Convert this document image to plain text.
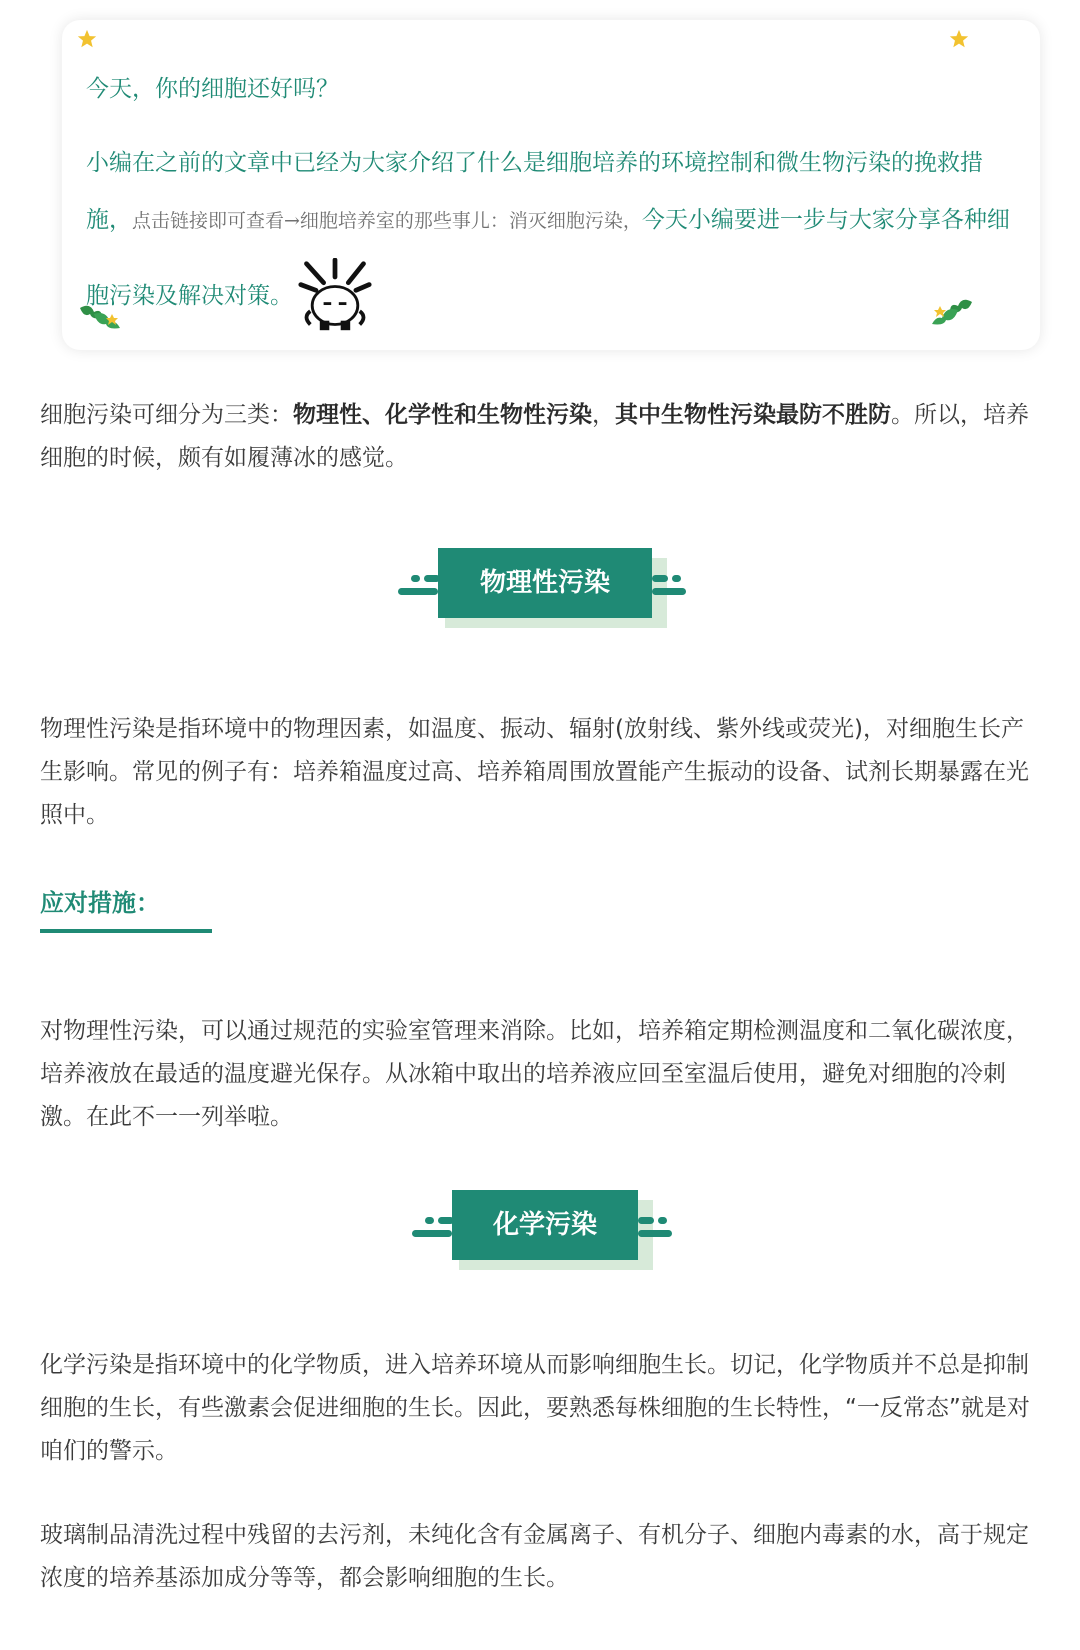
今天，你的细胞还好吗？

小编在之前的文章中已经为大家介绍了什么是细胞培养的环境控制和微生物污染的挽救措施，点击链接即可查看→细胞培养室的那些事儿：消灭细胞污染，今天小编要进一步与大家分享各种细胞污染及解决对策。

细胞污染可细分为三类：物理性、化学性和生物性污染，其中生物性污染最防不胜防。所以，培养细胞的时候，颇有如履薄冰的感觉。

物理性污染

物理性污染是指环境中的物理因素，如温度、振动、辐射(放射线、紫外线或荧光)，对细胞生长产生影响。常见的例子有：培养箱温度过高、培养箱周围放置能产生振动的设备、试剂长期暴露在光照中。

应对措施：

对物理性污染，可以通过规范的实验室管理来消除。比如，培养箱定期检测温度和二氧化碳浓度，培养液放在最适的温度避光保存。从冰箱中取出的培养液应回至室温后使用，避免对细胞的冷刺激。在此不一一列举啦。

化学污染

化学污染是指环境中的化学物质，进入培养环境从而影响细胞生长。切记，化学物质并不总是抑制细胞的生长，有些激素会促进细胞的生长。因此，要熟悉每株细胞的生长特性，“一反常态”就是对咱们的警示。

玻璃制品清洗过程中残留的去污剂，未纯化含有金属离子、有机分子、细胞内毒素的水，高于规定浓度的培养基添加成分等等，都会影响细胞的生长。
